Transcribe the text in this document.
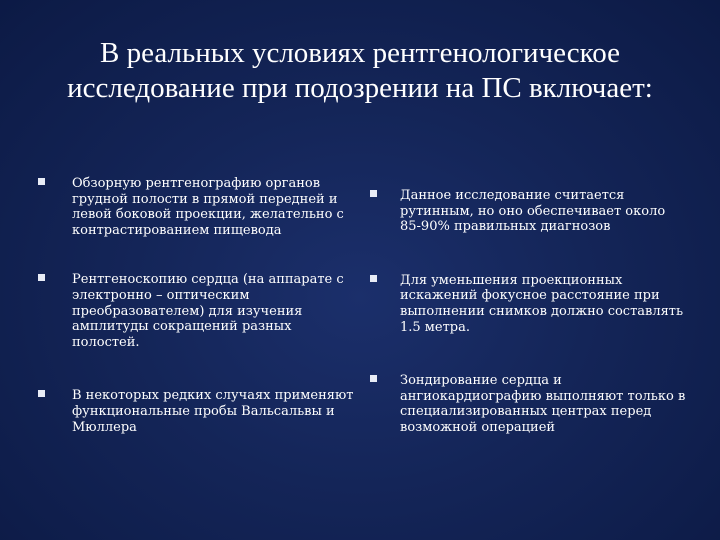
В реальных условиях рентгенологическое исследование при подозрении на ПС включает:
Обзорную рентгенографию органов грудной полости в прямой передней и левой боковой проекции, желательно с контрастированием пищевода
Рентгеноскопию сердца (на аппарате с электронно – оптическим преобразователем) для изучения амплитуды сокращений разных полостей.
В некоторых редких случаях применяют функциональные пробы Вальсальвы и Мюллера
Данное исследование считается рутинным, но оно обеспечивает около 85-90% правильных диагнозов
Для уменьшения проекционных искажений фокусное расстояние при выполнении снимков должно составлять 1.5 метра.
Зондирование сердца и ангиокардиографию выполняют только в специализированных центрах перед возможной операцией
